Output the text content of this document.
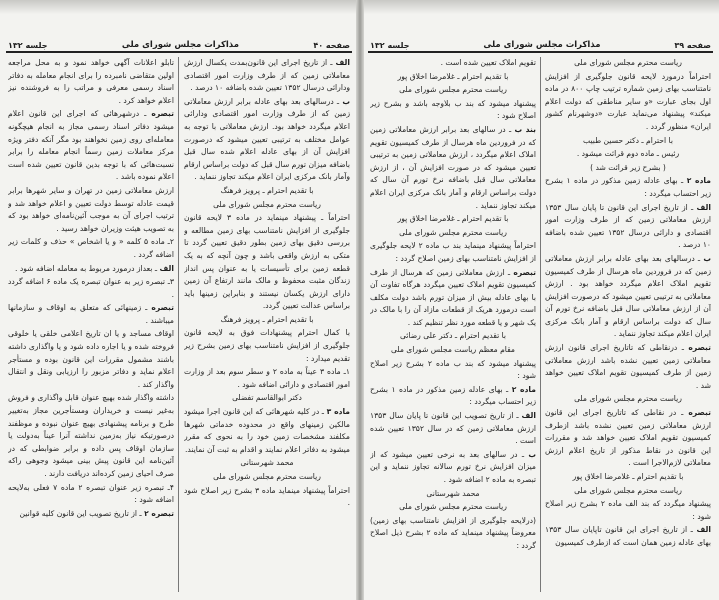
صفحه ۴۰
مذاکرات مجلس شورای ملی
جلسه ۱۳۲

الف ـ از تاریخ اجرای این قانون‌بمدت یکسال ارزش معاملاتی زمین که از طرف وزارت امور اقتصادی ودارائی درسال ۱۳۵۲ تعیین شده باضافه ۱۰ درصد .

ب ـ درسالهای بعد بهای عادله برابر ارزش معاملاتی زمین که از طرف وزارت امور اقتصادی ودارائی اعلام میگردد خواهد بود. ارزش معاملاتی با توجه به عوامل مختلف به ترتیبی تعیین میشود که درصورت افزایش آن از بهای عادله اعلام شده سال قبل باضافه میزان تورم سال قبل که دولت براساس ارقام وآمار بانک مرکزی ایران اعلام میکند تجاوز ننماید .

با تقدیم احترام ـ پرویز فرهنگ

ریاست محترم مجلس شورای ملی

احتراماً ـ پیشنهاد مینماید در ماده ۳ لایحه قانون جلوگیری از افزایش نامتناسب بهای زمین مطالعه و بررسی دقیق بهای زمین بطور دقیق تعیین گردد تا متکی به ارزش واقعی باشد و چون آنچه که به یک قطعه زمین برای تأسیسات یا به عنوان پس انداز زندگان مثبت محفوظ و مالک مانند ارتفاع آن زمین دارای ارزش یکسان نیستند و بنابراین زمینها باید براساس عدالت تعیین گردد.

با تقدیم احترام ـ پرویز فرهنگ

با کمال احترام پیشنهادات فوق به لایحه قانون جلوگیری از افزایش نامتناسب بهای زمین بشرح زیر تقدیم میدارد :

۱ـ ماده ۳ عیناً به ماده ۲ و سطر سوم بعد از وزارت امور اقتصادی و دارائی اضافه شود .

دکتر ابوالقاسم تفضلی

ماده ۳ ـ در کلیه شهرهائی که این قانون اجرا میشود مالکین زمینهای واقع در محدوده خدماتی شهرها مکلفند مشخصات زمین خود را به نحوی که مقرر میشود به دفاتر اعلام نمایند و اقدام به ثبت آن نمایند.

محمد شهرستانی

ریاست محترم مجلس شورای ملی

احتراماً پیشنهاد مینماید ماده ۳ بشرح زیر اصلاح شود .

تابلو اعلانات آگهی خواهد نمود و به محل مراجعه اولین متقاضی نامبرده را برای انجام معامله به دفاتر اسناد رسمی معرفی و مراتب را به فروشنده نیز اعلام خواهد کرد .

تبصره ـ درشهرهائی که اجرای این قانون اعلام میشود دفاتر اسناد رسمی مجاز به انجام هیچگونه معامله‌ای روی زمین نخواهند بود مگر آنکه دفتر ویژه مرکز معاملات زمین رسماً انجام معامله را برابر نسبت‌هائی که با توجه بدین قانون تعیین شده است اعلام نموده باشد .

ارزش معاملاتی زمین در تهران و سایر شهرها برابر قیمت عادله توسط دولت تعیین و اعلام خواهد شد و ترتیب اجرای آن به موجب آئین‌نامه‌ای خواهد بود که به تصویب هیئت وزیران خواهد رسید .

۲ـ ماده ۵ کلمه « و یا اشخاص » حذف و کلمات زیر اضافه گردد .

الف ـ بعداز درمورد مربوط به معامله اضافه شود .

۳ـ تبصره زیر به عنوان تبصره یک ماده ۶ اضافه گردد .

تبصره ـ زمینهائی که متعلق به اوقاف و سازمانها میباشند .

اوقاف مساجد و یا ان تاریخ اعلامی خلقی یا خلوقی فروخته شده و یا اجاره داده شود و یا واگذاری داشته باشند مشمول مقررات این قانون بوده و مستأجر اعلام نماید و دفاتر مزبور را ارزیابی ونقل و انتقال واگذار کند .

داشته واگذار شده بهیچ عنوان قابل واگذاری و فروش به‌غیر نیست و خریداران ومستأجرین مجاز به‌تغییر طرح و برنامه پیشنهادی بهیچ عنوان نبوده و موظفند درصورتیکه نیاز به‌زمین نداشته آنرا عیناً به‌دولت یا سازمان اوقاف پس داده و برابر ضوابطی که در آئین‌نامه این قانون پیش بینی میشود وجوهی راکه صرف احیای زمین کرده‌اند دریافت دارند .

۴ـ تبصره زیر عنوان تبصره ۲ ماده ۷ فعلی به‌لایحه اضافه شود :

تبصره ۲ ـ از تاریخ تصویب این قانون کلیه قوانین

صفحه ۳۹
مذاکرات مجلس شورای ملی
جلسه ۱۳۲

ریاست محترم مجلس شورای ملی

احتراماً درمورد لایحه قانون جلوگیری از افزایش نامتناسب بهای زمین شماره ترتیب چاپ ۸۰۰ در ماده اول بجای عبارت «و سایر مناطقی که دولت اعلام میکند» پیشنهاد می‌نماید عبارت «دوشهرنام کشور ایران» منظور گردد .

با احترام ـ دکتر حسین طبیب

رئیس ـ ماده دوم قرائت میشود .

( بشرح زیر قرائت شد )

ماده ۲ ـ بهای عادله زمین مذکور در ماده ۱ بشرح زیر احتساب میگردد :

الف ـ از تاریخ اجرای این قانون تا پایان سال ۱۳۵۳ ارزش معاملاتی زمین که از طرف وزارت امور اقتصادی و دارائی درسال ۱۳۵۲ تعیین شده باضافه ۱۰ درصد .

ب ـ درسالهای بعد بهای عادله برابر ارزش معاملاتی زمین که در فروردین ماه هرسال از طرف کمیسیون تقویم املاک اعلام میگردد خواهد بود . ارزش معاملاتی به ترتیبی تعیین میشود که درصورت افزایش آن از ارزش معاملاتی سال قبل باضافه نرخ تورم آن سال که دولت براساس ارقام و آمار بانک مرکزی ایران اعلام میکند تجاوز ننماید .

تبصره ـ درنقاطی که تاتاریخ اجرای قانون ارزش معاملاتی زمین تعیین نشده باشد ارزش معاملاتی زمین از طرف کمیسیون تقویم املاک تعیین خواهد شد .

ریاست محترم مجلس شورای ملی

تبصره ـ در نقاطی که تاتاریخ اجرای این قانون ارزش معاملاتی زمین تعیین نشده باشد ازطرف کمیسیون تقویم املاک تعیین خواهد شد و مقررات این قانون در نقاط مذکور از تاریخ اعلام ارزش معاملاتی لازم‌الاجرا است .

با تقدیم احترام ـ غلامرضا اخلاق پور

ریاست محترم مجلس شورای ملی

پیشنهاد میگردد که بند الف ماده ۲ بشرح زیر اصلاح شود :

الف ـ از تاریخ اجرای این قانون تاپایان سال ۱۳۵۳ بهای عادله زمین همان است که ازطرف کمیسیون

تقویم املاک تعیین شده است .

با تقدیم احترام ـ غلامرضا اخلاق پور

ریاست محترم مجلس شورای ملی

پیشنهاد میشود که بند ب بلاوجه باشد و بشرح زیر اصلاح شود :

بند ب ـ در سالهای بعد برابر ارزش معاملاتی زمین که در فروردین ماه هرسال از طرف کمیسیون تقویم املاک اعلام میگردد ، ارزش معاملاتی زمین به ترتیبی تعیین میشود که در صورت افزایش آن ، از ارزش معاملاتی سال قبل باضافه نرخ تورم آن سال که دولت براساس ارقام و آمار بانک مرکزی ایران اعلام میکند تجاوز ننماید .

با تقدیم احترام ـ غلامرضا اخلاق پور

ریاست محترم مجلس شورای ملی

احتراماً پیشنهاد مینماید بند ب ماده ۲ لایحه جلوگیری از افزایش نامتناسب بهای زمین اصلاح گردد :

تبصره ـ ارزش معاملاتی زمین که هرسال از طرف کمیسیون تقویم املاک تعیین میگردد هرگاه تفاوت آن با بهای عادله بیش از میزان تورم باشد دولت مکلف است درمورد هریک از قطعات مازاد آن را با مالک در یک شهر و یا قطعه مورد نظر تنظیم کند .

با تقدیم احترام ـ دکتر علی رضائی

مقام معظم ریاست مجلس شورای ملی

پیشنهاد میشود که بند ب ماده ۲ بشرح زیر اصلاح شود :

ماده ۲ ـ بهای عادله زمین مذکور در ماده ۱ بشرح زیر احتساب میگردد :

الف ـ از تاریخ تصویب این قانون تا پایان سال ۱۳۵۳ ارزش معاملاتی زمین که در سال ۱۳۵۲ تعیین شده است .

ب ـ در سالهای بعد به نرخی تعیین میشود که از میزان افزایش نرخ تورم سالانه تجاوز ننماید و این تبصره به ماده ۲ اضافه شود .

محمد شهرستانی

ریاست محترم مجلس شورای ملی

(درلایحه جلوگیری از افزایش نامتناسب بهای زمین) معروضاً پیشنهاد مینماید که ماده ۲ بشرح ذیل اصلاح گردد :
